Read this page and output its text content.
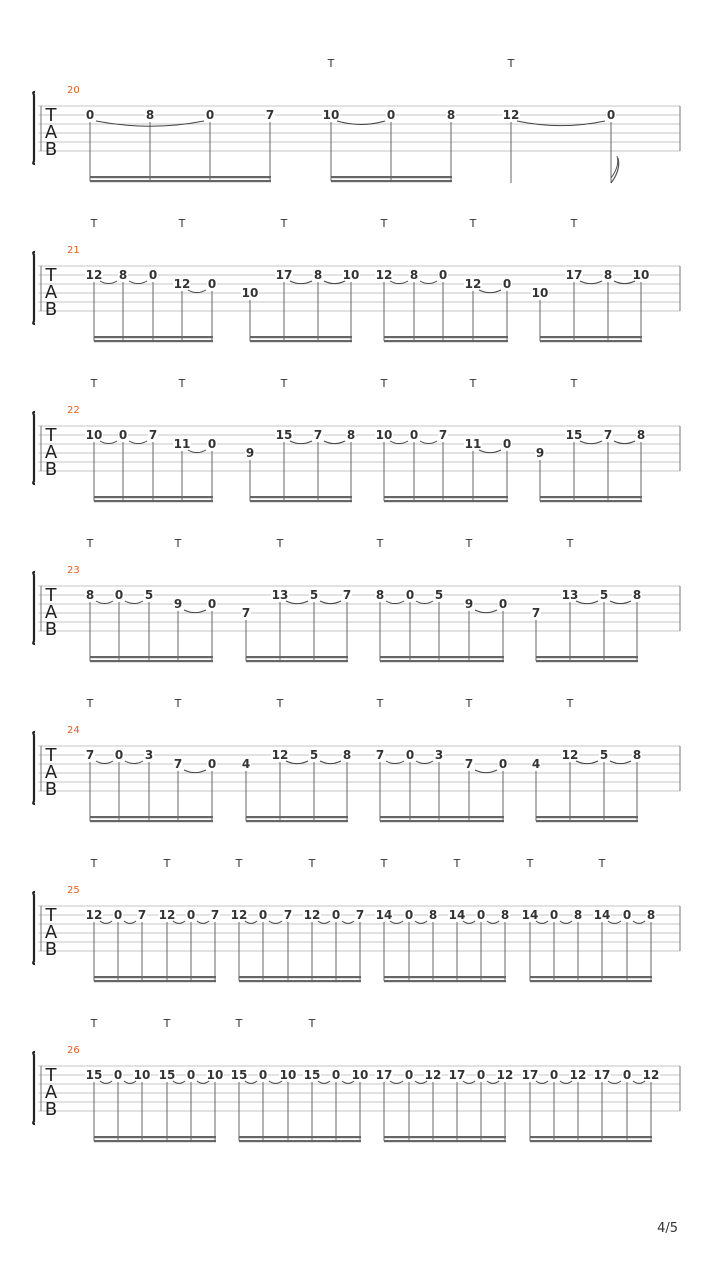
T
A
B
20
0	8	0	7	10	0	8
T
12	0
T
T
A
B
21
12 8 0
12 0
T	T
10
17 8 10
T
12 8 0
12 0
T	T
10
17 8 10
T
T
A
B
22
10 0 7
11 0
T	T
9
15 7 8
T
10 0 7
11 0
T	T
9
15 7 8
T
T
A
B
23
8 0 5
9 0
T	T
7
13 5 7
T
8 0 5
9 0
T	T
7
13 5 8
T
T
A
B
24
7 0 3
7 0
T	T
4
12 5 8
T
7 0 3
7 0
T	T
4
12 5 8
T
T
A
B
25
12 0 7 12 0 7
T	T
12 0 7 12 0 7
T	T
14 0 8 14 0 8
T	T
14 0 8 14 0 8
T	T
T
A
B
26
15 0 10 15 0 10
T	T
15 0 10 15 0 10
T	T
17 0 12 17 0 12 17 0 12 17 0 12
4/5
